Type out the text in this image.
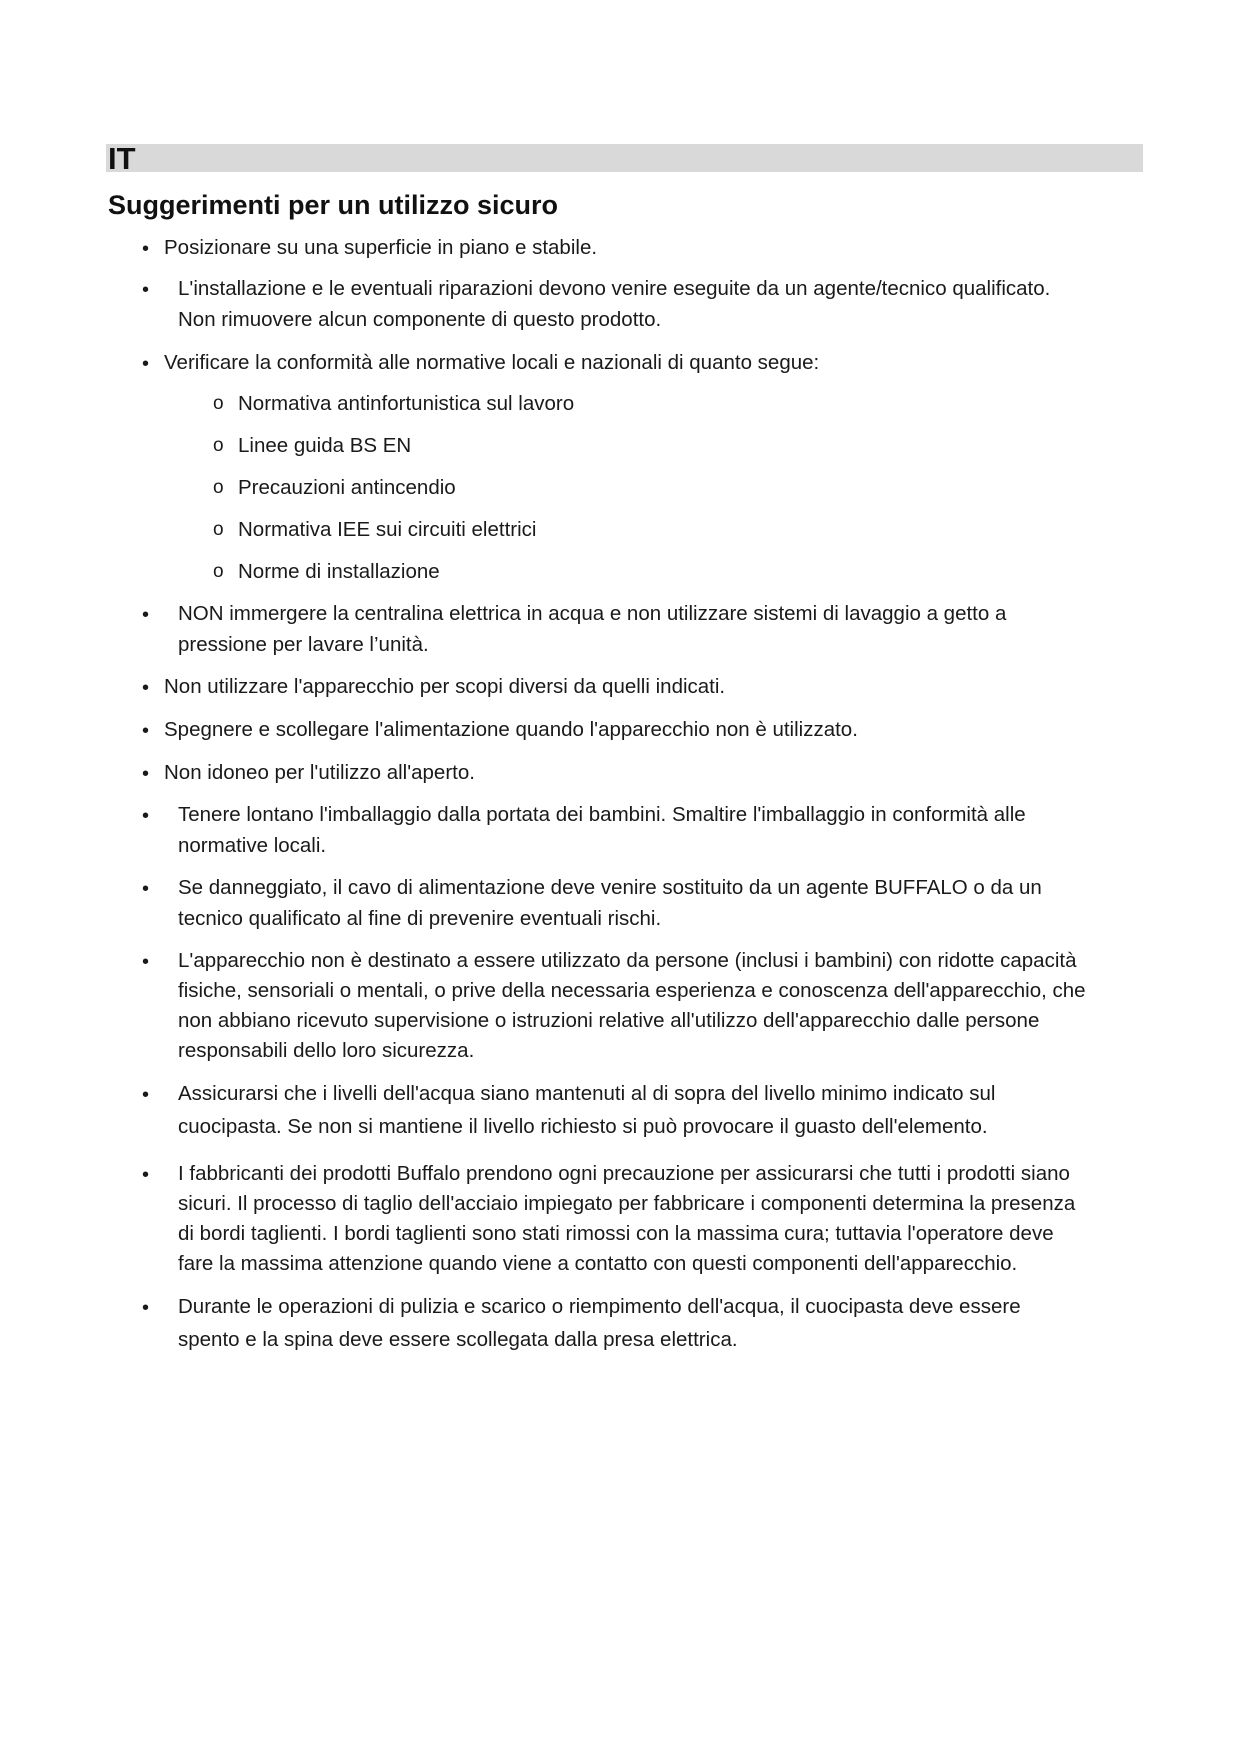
IT
Suggerimenti per un utilizzo sicuro
• Posizionare su una superficie in piano e stabile.
• L'installazione e le eventuali riparazioni devono venire eseguite da un agente/tecnico qualificato.
Non rimuovere alcun componente di questo prodotto.
• Verificare la conformità alle normative locali e nazionali di quanto segue:
o Normativa antinfortunistica sul lavoro
o Linee guida BS EN
o Precauzioni antincendio
o Normativa IEE sui circuiti elettrici
o Norme di installazione
• NON immergere la centralina elettrica in acqua e non utilizzare sistemi di lavaggio a getto a
pressione per lavare l’unità.
• Non utilizzare l'apparecchio per scopi diversi da quelli indicati.
• Spegnere e scollegare l'alimentazione quando l'apparecchio non è utilizzato.
• Non idoneo per l'utilizzo all'aperto.
• Tenere lontano l'imballaggio dalla portata dei bambini. Smaltire l'imballaggio in conformità alle
normative locali.
• Se danneggiato, il cavo di alimentazione deve venire sostituito da un agente BUFFALO o da un
tecnico qualificato al fine di prevenire eventuali rischi.
• L'apparecchio non è destinato a essere utilizzato da persone (inclusi i bambini) con ridotte capacità
fisiche, sensoriali o mentali, o prive della necessaria esperienza e conoscenza dell'apparecchio, che
non abbiano ricevuto supervisione o istruzioni relative all'utilizzo dell'apparecchio dalle persone
responsabili dello loro sicurezza.
• Assicurarsi che i livelli dell'acqua siano mantenuti al di sopra del livello minimo indicato sul
cuocipasta. Se non si mantiene il livello richiesto si può provocare il guasto dell'elemento.
• I fabbricanti dei prodotti Buffalo prendono ogni precauzione per assicurarsi che tutti i prodotti siano
sicuri. Il processo di taglio dell'acciaio impiegato per fabbricare i componenti determina la presenza
di bordi taglienti. I bordi taglienti sono stati rimossi con la massima cura; tuttavia l'operatore deve
fare la massima attenzione quando viene a contatto con questi componenti dell'apparecchio.
• Durante le operazioni di pulizia e scarico o riempimento dell'acqua, il cuocipasta deve essere
spento e la spina deve essere scollegata dalla presa elettrica.
